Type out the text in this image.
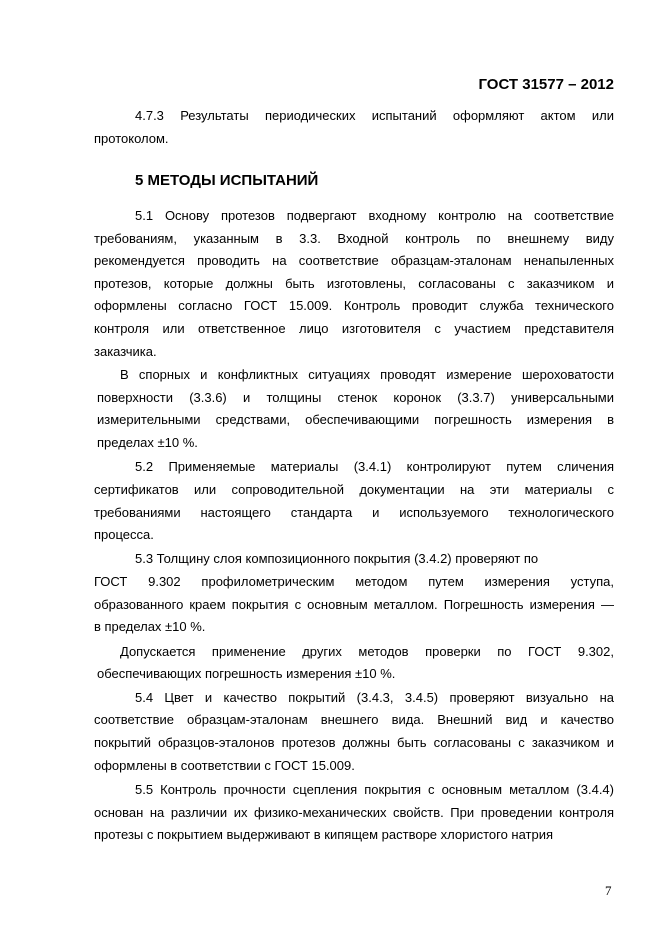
ГОСТ 31577 – 2012
4.7.3 Результаты периодических испытаний оформляют актом или
протоколом.
5 МЕТОДЫ ИСПЫТАНИЙ
5.1 Основу протезов подвергают входному контролю на соответствие
требованиям, указанным в 3.3. Входной контроль по внешнему виду
рекомендуется проводить на соответствие образцам-эталонам ненапыленных
протезов, которые должны быть изготовлены, согласованы с заказчиком и
оформлены согласно ГОСТ 15.009. Контроль проводит служба технического
контроля или ответственное лицо изготовителя с участием представителя
заказчика.
В спорных и конфликтных ситуациях проводят измерение шероховатости
поверхности (3.3.6) и толщины стенок коронок (3.3.7) универсальными
измерительными средствами, обеспечивающими погрешность измерения в
пределах ±10 %.
5.2 Применяемые материалы (3.4.1) контролируют путем сличения
сертификатов или сопроводительной документации на эти материалы с
требованиями настоящего стандарта и используемого технологического
процесса.
5.3 Толщину слоя композиционного покрытия (3.4.2) проверяют по
ГОСТ 9.302 профилометрическим методом путем измерения уступа,
образованного краем покрытия с основным металлом. Погрешность измерения —
в пределах ±10 %.
Допускается применение других методов проверки по ГОСТ 9.302,
обеспечивающих погрешность измерения ±10 %.
5.4 Цвет и качество покрытий (3.4.3, 3.4.5) проверяют визуально на
соответствие образцам-эталонам внешнего вида. Внешний вид и качество
покрытий образцов-эталонов протезов должны быть согласованы с заказчиком и
оформлены в соответствии с ГОСТ 15.009.
5.5 Контроль прочности сцепления покрытия с основным металлом (3.4.4)
основан на различии их физико-механических свойств. При проведении контроля
протезы с покрытием выдерживают в кипящем растворе хлористого натрия
7
